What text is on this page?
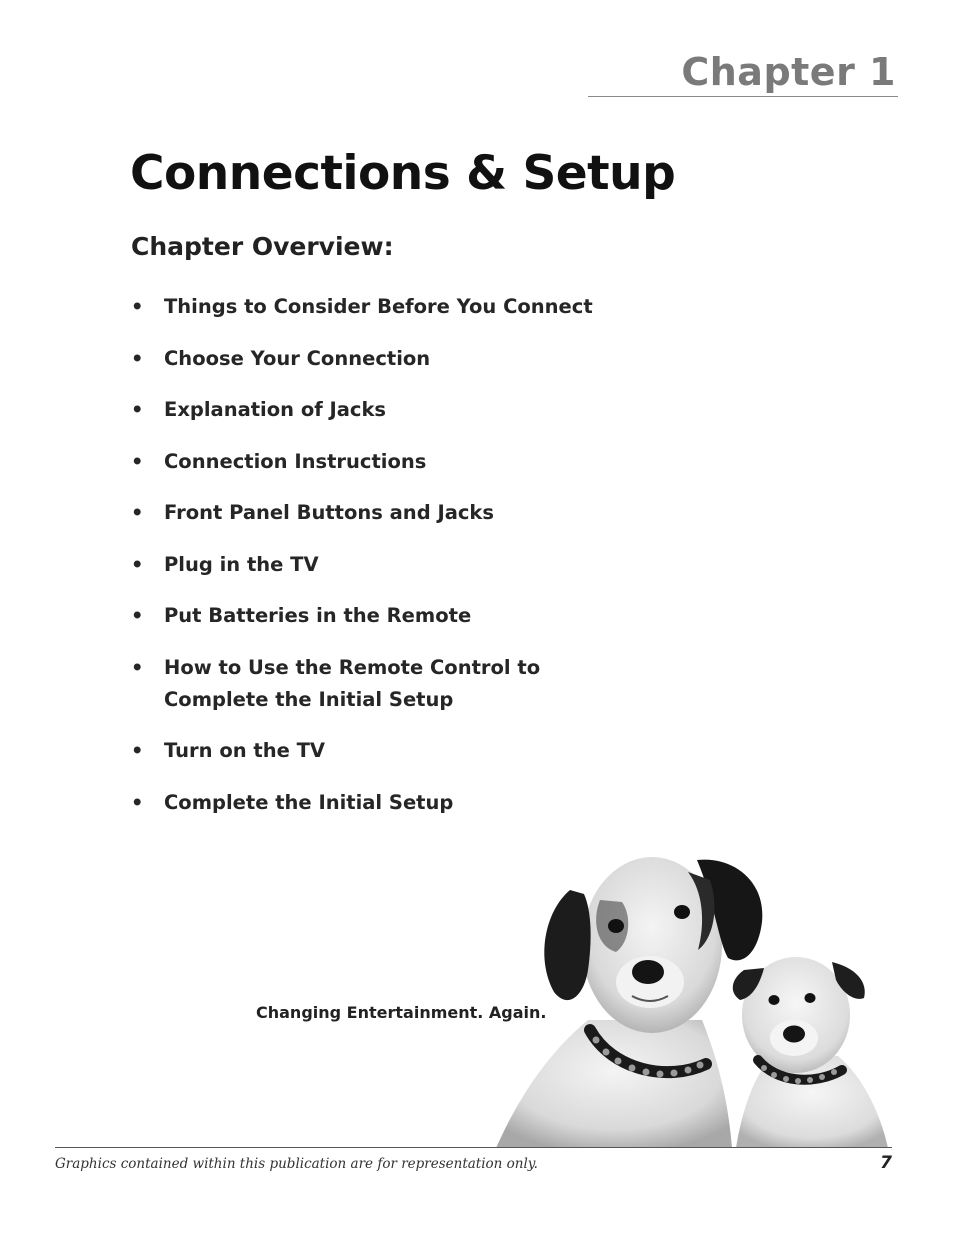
Chapter 1
Connections & Setup
Chapter Overview:
• Things to Consider Before You Connect
• Choose Your Connection
• Explanation of Jacks
• Connection Instructions
• Front Panel Buttons and Jacks
• Plug in the TV
• Put Batteries in the Remote
• How to Use the Remote Control to Complete the Initial Setup
• Turn on the TV
• Complete the Initial Setup
Changing Entertainment. Again.
Graphics contained within this publication are for representation only.	7
